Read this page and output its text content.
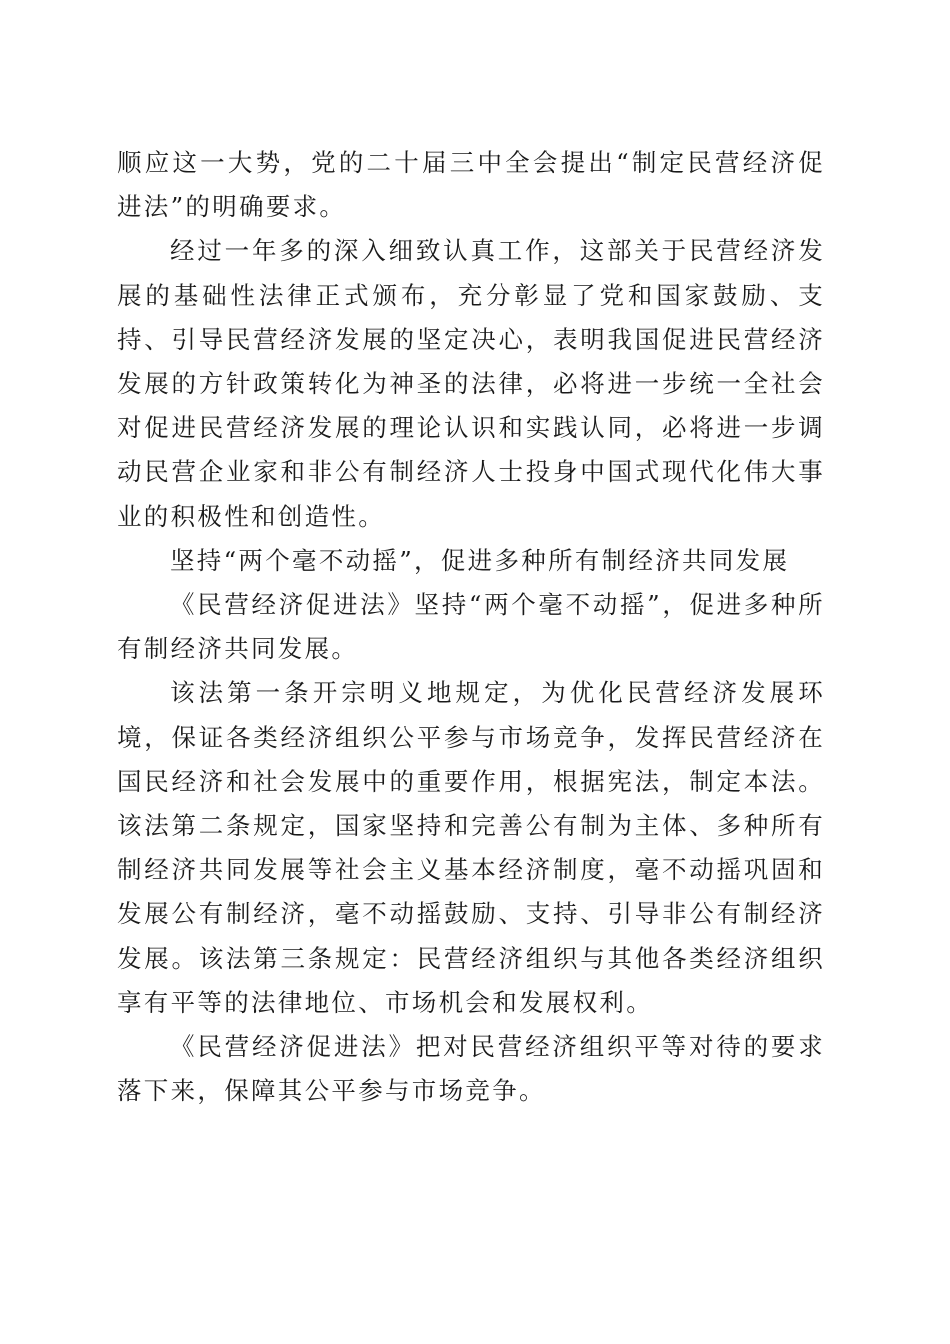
顺应这一大势，党的二十届三中全会提出“制定民营经济促进法”的明确要求。

经过一年多的深入细致认真工作，这部关于民营经济发展的基础性法律正式颁布，充分彰显了党和国家鼓励、支持、引导民营经济发展的坚定决心，表明我国促进民营经济发展的方针政策转化为神圣的法律，必将进一步统一全社会对促进民营经济发展的理论认识和实践认同，必将进一步调动民营企业家和非公有制经济人士投身中国式现代化伟大事业的积极性和创造性。

坚持“两个毫不动摇”，促进多种所有制经济共同发展

《民营经济促进法》坚持“两个毫不动摇”，促进多种所有制经济共同发展。

该法第一条开宗明义地规定，为优化民营经济发展环境，保证各类经济组织公平参与市场竞争，发挥民营经济在国民经济和社会发展中的重要作用，根据宪法，制定本法。该法第二条规定，国家坚持和完善公有制为主体、多种所有制经济共同发展等社会主义基本经济制度，毫不动摇巩固和发展公有制经济，毫不动摇鼓励、支持、引导非公有制经济发展。该法第三条规定：民营经济组织与其他各类经济组织享有平等的法律地位、市场机会和发展权利。

《民营经济促进法》把对民营经济组织平等对待的要求落下来，保障其公平参与市场竞争。
